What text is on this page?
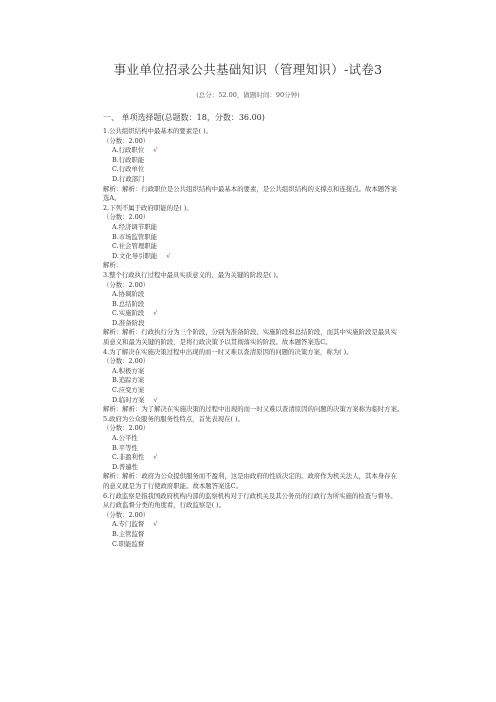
事业单位招录公共基础知识（管理知识）-试卷3
(总分：52.00，做题时间：90分钟)
一、 单项选择题(总题数：18，分数：36.00)
1.公共组织结构中最基本的要素是( )。
（分数：2.00）
A.行政职位 √
B.行政职能
C.行政单位
D.行政部门
解析：解析：行政职位是公共组织结构中最基本的要素，是公共组织结构的支撑点和连接点。故本题答案
选A。
2.下列不属于政府职能的是( )。
（分数：2.00）
A.经济调节职能
B.市场监管职能
C.社会管理职能
D.文化导引职能 √
解析：
3.整个行政执行过程中最具实质意义的、最为关键的阶段是( )。
（分数：2.00）
A.协调阶段
B.总结阶段
C.实施阶段 √
D.准备阶段
解析：解析：行政执行分为三个阶段，分别为准备阶段、实施阶段和总结阶段，而其中实施阶段是最具实
质意义和最为关键的阶段，是将行政决策予以贯彻落实的阶段。故本题答案选C。
4.为了解决在实施决策过程中出现的而一时又难以查清原因的问题的决策方案，称为( )。
（分数：2.00）
A.积极方案
B.追踪方案
C.应变方案
D.临时方案 √
解析：解析：为了解决在实施决策的过程中出现的而一时又难以查清原因的问题的决策方案称为临时方案。
5.政府为公众服务的服务性特点，首先表现在( )。
（分数：2.00）
A.公平性
B.平等性
C.非盈利性 √
D.普遍性
解析：解析：政府为公众提供服务而不盈利，这是由政府的性质决定的。政府作为机关法人，其本身存在
的意义就是为了行使政府职能。故本题答案选C。
6.行政监察是指我国政府机构内部的监察机构对于行政机关及其公务员的行政行为所实施的检查与督导。
从行政监督分类的角度看，行政监察是( )。
（分数：2.00）
A.专门监督 √
B.主管监督
C.职能监督
